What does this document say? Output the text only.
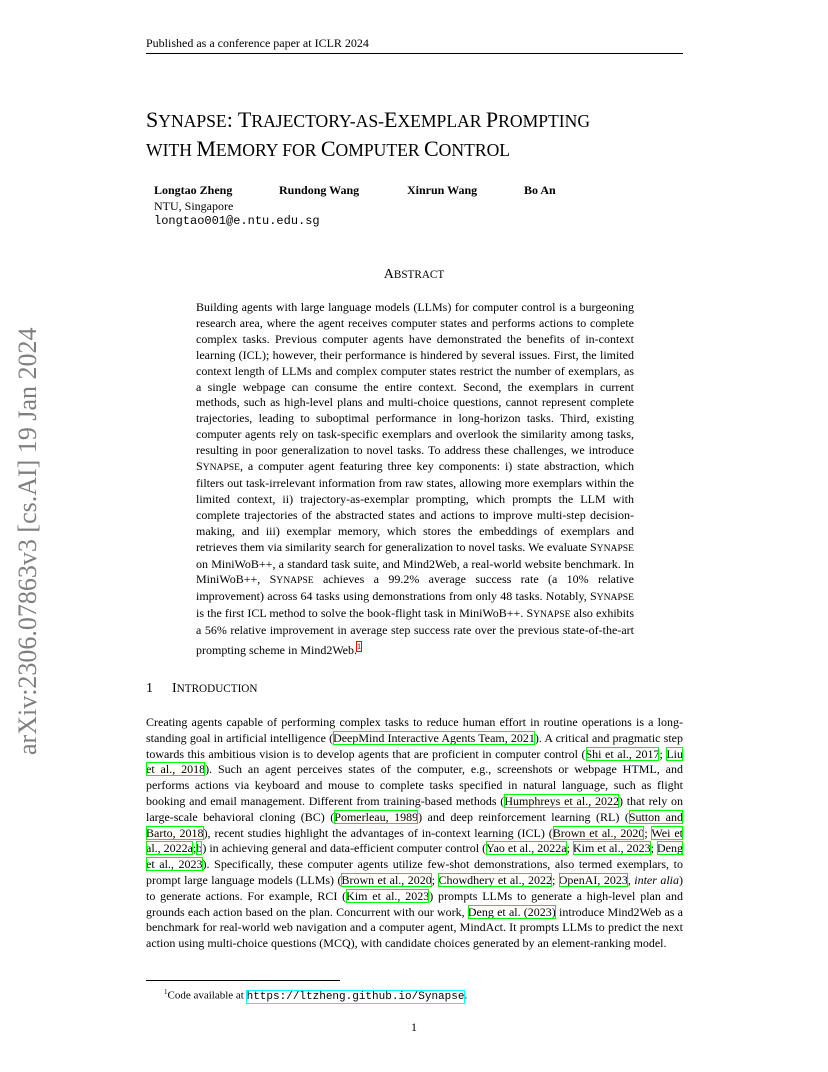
Published as a conference paper at ICLR 2024
arXiv:2306.07863v3 [cs.AI] 19 Jan 2024
SYNAPSE: TRAJECTORY-AS-EXEMPLAR PROMPTING
WITH MEMORY FOR COMPUTER CONTROL
Longtao Zheng	Rundong Wang	Xinrun Wang	Bo An
NTU, Singapore
longtao001@e.ntu.edu.sg
ABSTRACT

Building agents with large language models (LLMs) for computer control is a burgeoning research area, where the agent receives computer states and performs actions to complete complex tasks. Previous computer agents have demonstrated the benefits of in-context learning (ICL); however, their performance is hindered by several issues. First, the limited context length of LLMs and complex computer states restrict the number of exemplars, as a single webpage can consume the entire context. Second, the exemplars in current methods, such as high-level plans and multi-choice questions, cannot represent complete trajectories, leading to suboptimal performance in long-horizon tasks. Third, existing computer agents rely on task-specific exemplars and overlook the similarity among tasks, resulting in poor generalization to novel tasks. To address these challenges, we introduce SYNAPSE, a computer agent featuring three key components: i) state abstraction, which filters out task-irrelevant information from raw states, allowing more exemplars within the limited context, ii) trajectory-as-exemplar prompting, which prompts the LLM with complete trajectories of the abstracted states and actions to improve multi-step decision-making, and iii) exemplar memory, which stores the embeddings of exemplars and retrieves them via similarity search for generalization to novel tasks. We evaluate SYNAPSE on MiniWoB++, a standard task suite, and Mind2Web, a real-world website benchmark. In MiniWoB++, SYNAPSE achieves a 99.2% average success rate (a 10% relative improvement) across 64 tasks using demonstrations from only 48 tasks. Notably, SYNAPSE is the first ICL method to solve the book-flight task in MiniWoB++. SYNAPSE also exhibits a 56% relative improvement in average step success rate over the previous state-of-the-art prompting scheme in Mind2Web.$^1$

1 INTRODUCTION

Creating agents capable of performing complex tasks to reduce human effort in routine operations is a long-standing goal in artificial intelligence (DeepMind Interactive Agents Team, 2021). A critical and pragmatic step towards this ambitious vision is to develop agents that are proficient in computer control (Shi et al., 2017; Liu et al., 2018). Such an agent perceives states of the computer, e.g., screenshots or webpage HTML, and performs actions via keyboard and mouse to complete tasks specified in natural language, such as flight booking and email management. Different from training-based methods (Humphreys et al., 2022) that rely on large-scale behavioral cloning (BC) (Pomerleau, 1989) and deep reinforcement learning (RL) (Sutton and Barto, 2018), recent studies highlight the advantages of in-context learning (ICL) (Brown et al., 2020; Wei et al., 2022a;b) in achieving general and data-efficient computer control (Yao et al., 2022a; Kim et al., 2023; Deng et al., 2023). Specifically, these computer agents utilize few-shot demonstrations, also termed exemplars, to prompt large language models (LLMs) (Brown et al., 2020; Chowdhery et al., 2022; OpenAI, 2023, inter alia) to generate actions. For example, RCI (Kim et al., 2023) prompts LLMs to generate a high-level plan and grounds each action based on the plan. Concurrent with our work, Deng et al. (2023) introduce Mind2Web as a benchmark for real-world web navigation and a computer agent, MindAct. It prompts LLMs to predict the next action using multi-choice questions (MCQ), with candidate choices generated by an element-ranking model.

$^1$Code available at https://ltzheng.github.io/Synapse.
1
